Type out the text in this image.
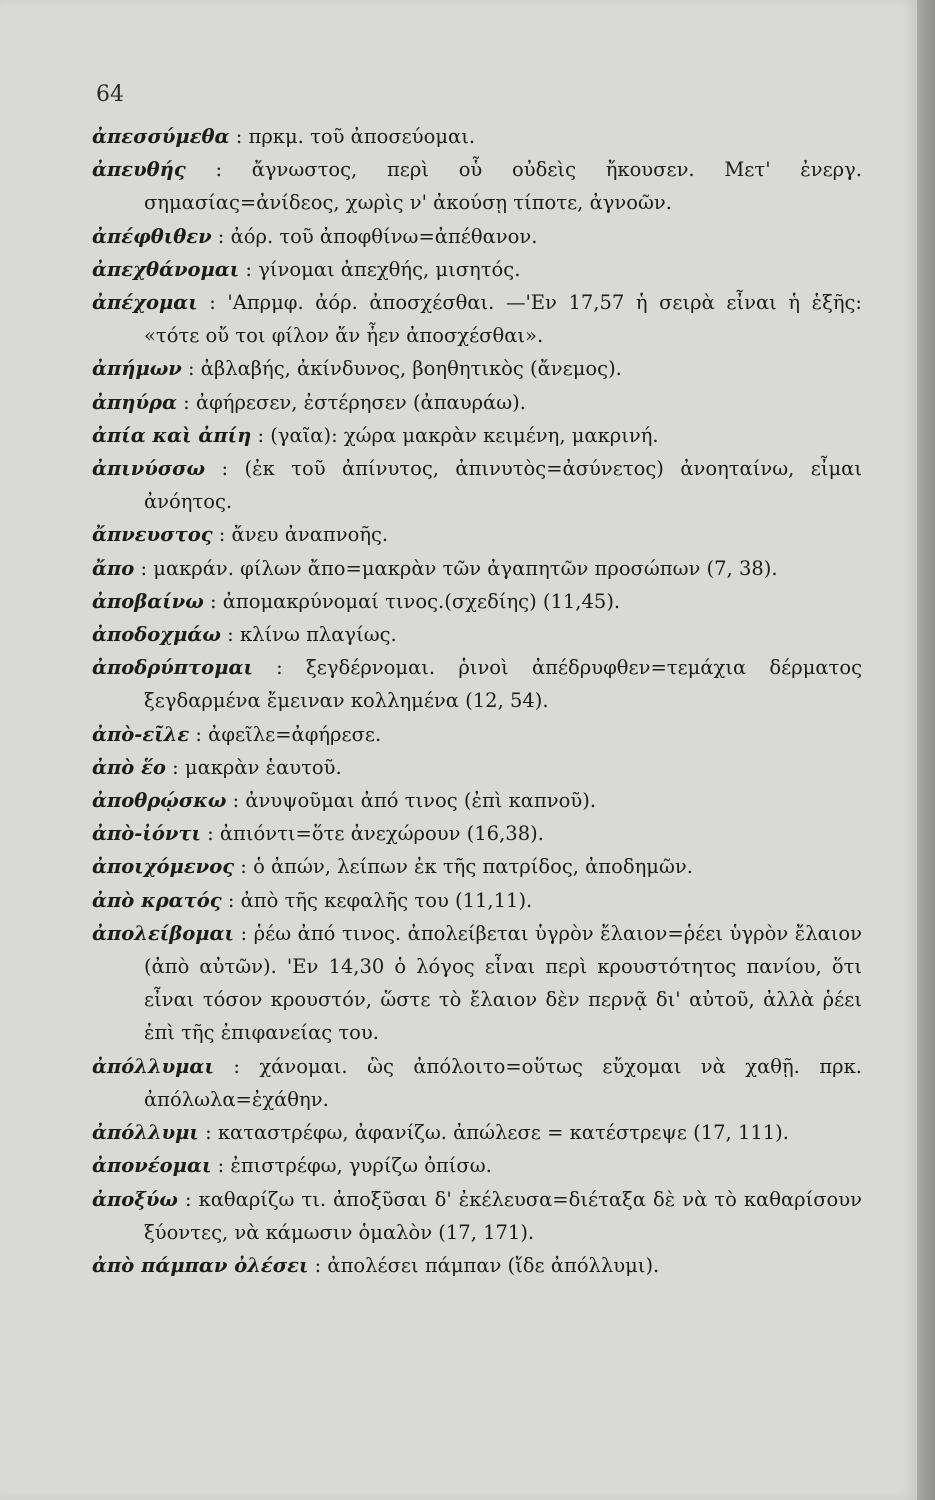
64
ἀπεσσύμεθα : πρκμ. τοῦ ἀποσεύομαι.
ἀπευθής : ἄγνωστος, περὶ οὗ οὐδεὶς ἤκουσεν. Μετ' ἐνεργ. σημασίας=ἀνίδεος, χωρὶς ν' ἀκούσῃ τίποτε, ἀγνοῶν.
ἀπέφθιθεν : ἀόρ. τοῦ ἀποφθίνω=ἀπέθανον.
ἀπεχθάνομαι : γίνομαι ἀπεχθής, μισητός.
ἀπέχομαι : 'Απρμφ. ἀόρ. ἀποσχέσθαι. —'Εν 17,57 ἡ σειρὰ εἶναι ἡ ἑξῆς: «τότε οὔ τοι φίλον ἄν ἦεν ἀποσχέσθαι».
ἀπήμων : ἀβλαβής, ἀκίνδυνος, βοηθητικὸς (ἄνεμος).
ἀπηύρα : ἀφήρεσεν, ἐστέρησεν (ἀπαυράω).
ἀπία καὶ ἀπίη : (γαῖα): χώρα μακρὰν κειμένη, μακρινή.
ἀπινύσσω : (ἐκ τοῦ ἀπίνυτος, ἀπινυτὸς=ἀσύνετος) ἀνοηταίνω, εἶμαι ἀνόητος.
ἄπνευστος : ἄνευ ἀναπνοῆς.
ἄπο : μακράν. φίλων ἄπο=μακρὰν τῶν ἀγαπητῶν προσώπων (7, 38).
ἀποβαίνω : ἀπομακρύνομαί τινος.(σχεδίης) (11,45).
ἀποδοχμάω : κλίνω πλαγίως.
ἀποδρύπτομαι : ξεγδέρνομαι. ῥινοὶ ἀπέδρυφθεν=τεμάχια δέρματος ξεγδαρμένα ἔμειναν κολλημένα (12, 54).
ἀπὸ-εῖλε : ἀφεῖλε=ἀφήρεσε.
ἀπὸ ἕο : μακρὰν ἑαυτοῦ.
ἀποθρῴσκω : ἀνυψοῦμαι ἀπό τινος (ἐπὶ καπνοῦ).
ἀπὸ-ἰόντι : ἀπιόντι=ὅτε ἀνεχώρουν (16,38).
ἀποιχόμενος : ὁ ἀπών, λείπων ἐκ τῆς πατρίδος, ἀποδημῶν.
ἀπὸ κρατός : ἀπὸ τῆς κεφαλῆς του (11,11).
ἀπολείβομαι : ῥέω ἀπό τινος. ἀπολείβεται ὑγρὸν ἔλαιον=ῥέει ὑγρὸν ἔλαιον (ἀπὸ αὐτῶν). 'Εν 14,30 ὁ λόγος εἶναι περὶ κρουστότητος πανίου, ὅτι εἶναι τόσον κρουστόν, ὥστε τὸ ἔλαιον δὲν περνᾷ δι' αὐτοῦ, ἀλλὰ ῥέει ἐπὶ τῆς ἐπιφανείας του.
ἀπόλλυμαι : χάνομαι. ὣς ἀπόλοιτο=οὕτως εὔχομαι νὰ χαθῇ. πρκ. ἀπόλωλα=ἐχάθην.
ἀπόλλυμι : καταστρέφω, ἀφανίζω. ἀπώλεσε = κατέστρεψε (17, 111).
ἀπονέομαι : ἐπιστρέφω, γυρίζω ὀπίσω.
ἀποξύω : καθαρίζω τι. ἀποξῦσαι δ' ἐκέλευσα=διέταξα δὲ νὰ τὸ καθαρίσουν ξύοντες, νὰ κάμωσιν ὁμαλὸν (17, 171).
ἀπὸ πάμπαν ὀλέσει : ἀπολέσει πάμπαν (ἴδε ἀπόλλυμι).
